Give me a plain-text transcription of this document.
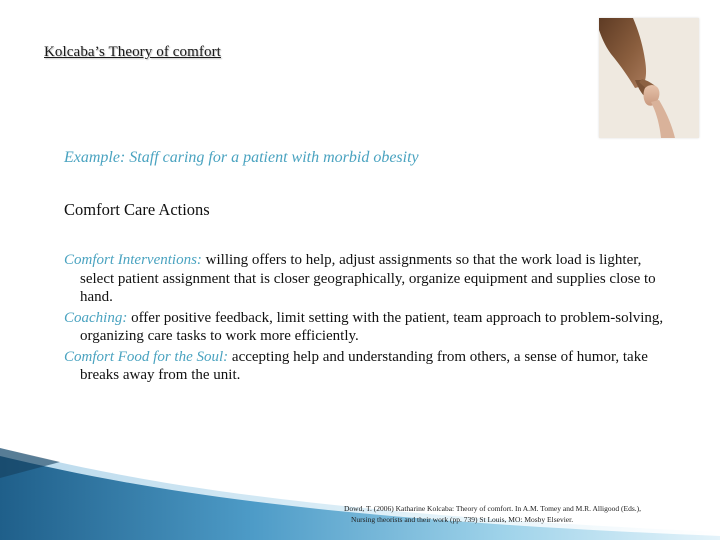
Kolcaba’s Theory of comfort
Example: Staff caring for a patient with morbid obesity
Comfort Care Actions

Comfort Interventions: willing offers to help, adjust assignments so that the work load is lighter, select patient assignment that is closer geographically, organize equipment and supplies close to hand.

Coaching: offer positive feedback, limit setting with the patient, team approach to problem-solving, organizing care tasks to work more efficiently.

Comfort Food for the Soul: accepting help and understanding from others, a sense of humor, take breaks away from the unit.

Dowd, T. (2006) Katharine Kolcaba: Theory of comfort. In A.M. Tomey and M.R. Alligood (Eds.),
Nursing theorists and their work (pp. 739) St Louis, MO: Mosby Elsevier.
